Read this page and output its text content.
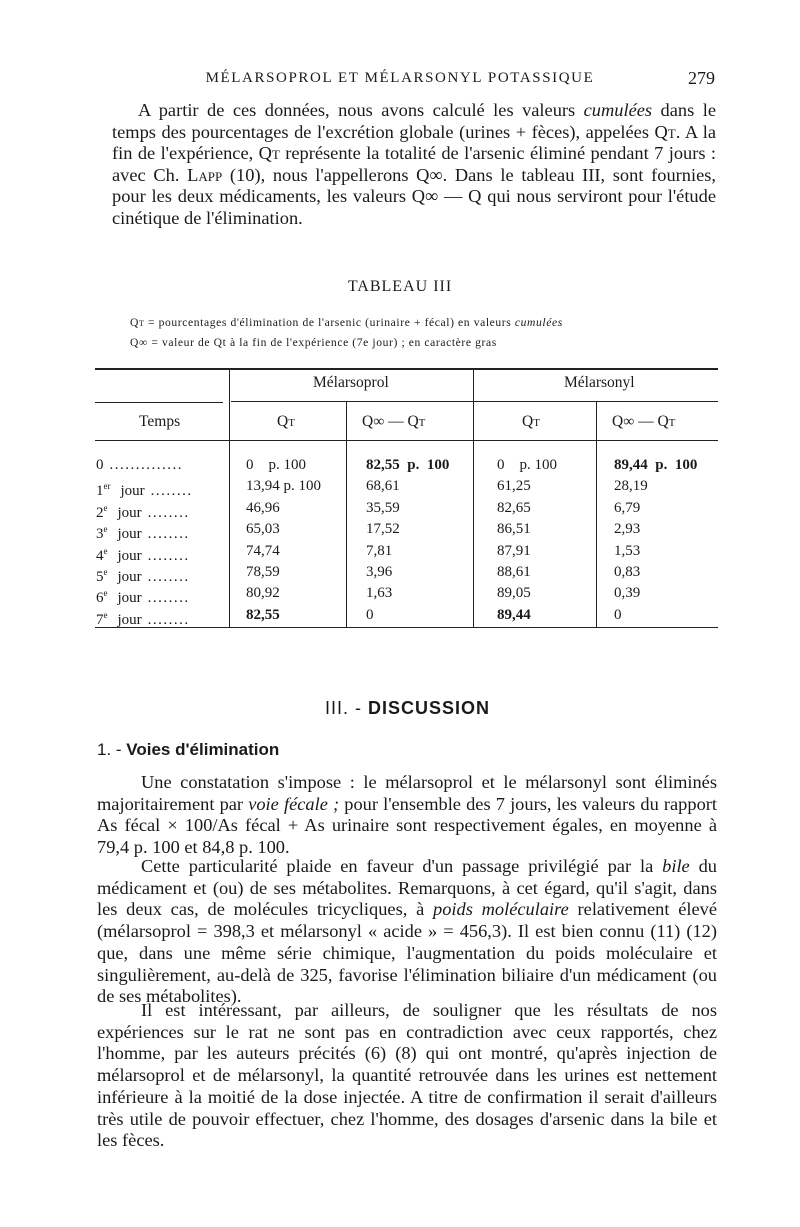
MÉLARSOPROL ET MÉLARSONYL POTASSIQUE	279

A partir de ces données, nous avons calculé les valeurs cumulées dans le temps des pourcentages de l'excrétion globale (urines + fèces), appelées Qt. A la fin de l'expérience, Qt représente la totalité de l'arsenic éliminé pendant 7 jours : avec Ch. Lapp (10), nous l'appellerons Q∞. Dans le tableau III, sont fournies, pour les deux médicaments, les valeurs Q∞ — Q qui nous serviront pour l'étude cinétique de l'élimination.

TABLEAU III
Qt = pourcentages d'élimination de l'arsenic (urinaire + fécal) en valeurs cumulées
Q∞ = valeur de Qt à la fin de l'expérience (7e jour) ; en caractère gras
Mélarsoprol	Mélarsonyl
Temps	Qt	Q∞ — Qt	Qt	Q∞ — Qt
0 ..............	0    p. 100	82,55  p.  100	0    p. 100	89,44  p.  100
1er jour ........	13,94 p. 100	68,61	61,25	28,19
2e jour ........	46,96	35,59	82,65	6,79
3e jour ........	65,03	17,52	86,51	2,93
4e jour ........	74,74	7,81	87,91	1,53
5e jour ........	78,59	3,96	88,61	0,83
6e jour ........	80,92	1,63	89,05	0,39
7e jour ........	82,55	0	89,44	0
III. - DISCUSSION
1. - Voies d'élimination

Une constatation s'impose : le mélarsoprol et le mélarsonyl sont éliminés majoritairement par voie fécale ; pour l'ensemble des 7 jours, les valeurs du rapport As fécal × 100/As fécal + As urinaire sont respectivement égales, en moyenne à 79,4 p. 100 et 84,8 p. 100.

Cette particularité plaide en faveur d'un passage privilégié par la bile du médicament et (ou) de ses métabolites. Remarquons, à cet égard, qu'il s'agit, dans les deux cas, de molécules tricycliques, à poids moléculaire relativement élevé (mélarsoprol = 398,3 et mélarsonyl « acide » = 456,3). Il est bien connu (11) (12) que, dans une même série chimique, l'augmentation du poids moléculaire et singulièrement, au-delà de 325, favorise l'élimination biliaire d'un médicament (ou de ses métabolites).

Il est intéressant, par ailleurs, de souligner que les résultats de nos expériences sur le rat ne sont pas en contradiction avec ceux rapportés, chez l'homme, par les auteurs précités (6) (8) qui ont montré, qu'après injection de mélarsoprol et de mélarsonyl, la quantité retrouvée dans les urines est nettement inférieure à la moitié de la dose injectée. A titre de confirmation il serait d'ailleurs très utile de pouvoir effectuer, chez l'homme, des dosages d'arsenic dans la bile et les fèces.
